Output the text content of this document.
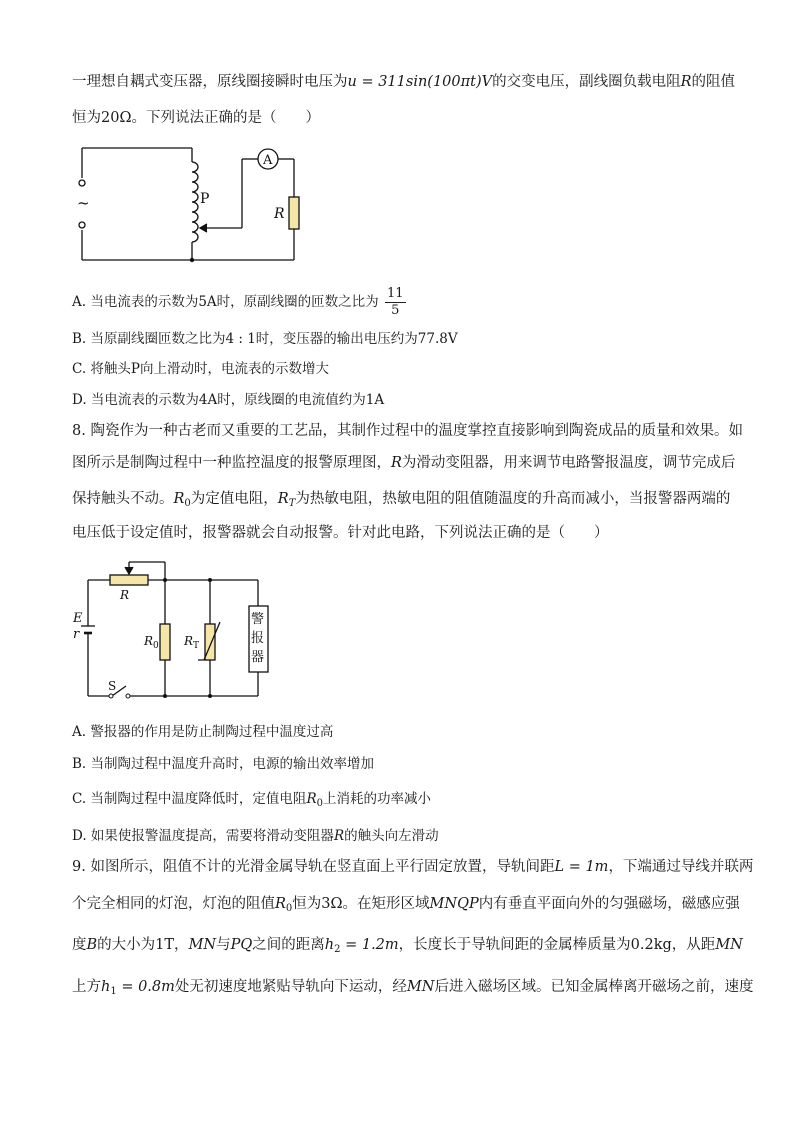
一理想自耦式变压器，原线圈接瞬时电压为u = 311sin(100πt)V的交变电压，副线圈负载电阻R的阻值
恒为20Ω。下列说法正确的是（　　）
~	P
A
R
A. 当电流表的示数为5A时，原副线圈的匝数之比为 $\frac{11}{5}$
B. 当原副线圈匝数之比为4 : 1时，变压器的输出电压约为77.8V
C. 将触头P向上滑动时，电流表的示数增大
D. 当电流表的示数为4A时，原线圈的电流值约为1A
8. 陶瓷作为一种古老而又重要的工艺品，其制作过程中的温度掌控直接影响到陶瓷成品的质量和效果。如
图所示是制陶过程中一种监控温度的报警原理图，R为滑动变阻器，用来调节电路警报温度，调节完成后
保持触头不动。$R_0$为定值电阻，$R_T$为热敏电阻，热敏电阻的阻值随温度的升高而减小，当报警器两端的
电压低于设定值时，报警器就会自动报警。针对此电路，下列说法正确的是（　　）
E
r
S
R
$R_0$ $R_T$
警
报
器
A. 警报器的作用是防止制陶过程中温度过高
B. 当制陶过程中温度升高时，电源的输出效率增加
C. 当制陶过程中温度降低时，定值电阻$R_0$上消耗的功率减小
D. 如果使报警温度提高，需要将滑动变阻器R的触头向左滑动
9. 如图所示，阻值不计的光滑金属导轨在竖直面上平行固定放置，导轨间距L = 1m，下端通过导线并联两
个完全相同的灯泡，灯泡的阻值$R_0$恒为3Ω。在矩形区域MNQP内有垂直平面向外的匀强磁场，磁感应强
度B的大小为1T，MN与PQ之间的距离$h_2 = 1.2m$，长度长于导轨间距的金属棒质量为0.2kg，从距MN
上方$h_1 = 0.8m$处无初速度地紧贴导轨向下运动，经MN后进入磁场区域。已知金属棒离开磁场之前，速度
